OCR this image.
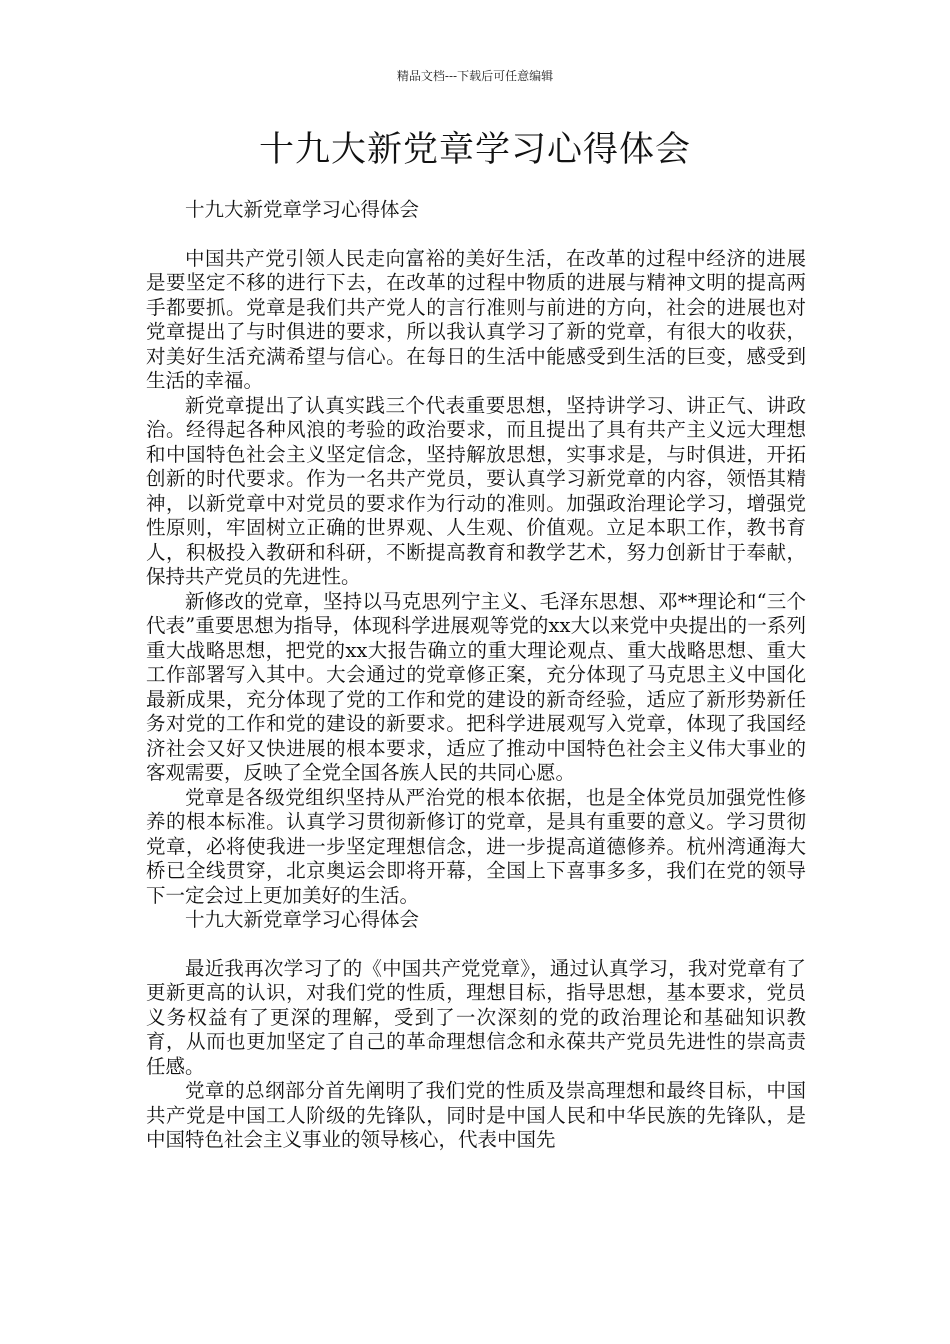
精品文档---下载后可任意编辑
十九大新党章学习心得体会

十九大新党章学习心得体会

中国共产党引领人民走向富裕的美好生活，在改革的过程中经济的进展是要坚定不移的进行下去，在改革的过程中物质的进展与精神文明的提高两手都要抓。党章是我们共产党人的言行准则与前进的方向，社会的进展也对党章提出了与时俱进的要求，所以我认真学习了新的党章，有很大的收获，对美好生活充满希望与信心。在每日的生活中能感受到生活的巨变，感受到生活的幸福。

新党章提出了认真实践三个代表重要思想，坚持讲学习、讲正气、讲政治。经得起各种风浪的考验的政治要求，而且提出了具有共产主义远大理想和中国特色社会主义坚定信念，坚持解放思想，实事求是，与时俱进，开拓创新的时代要求。作为一名共产党员，要认真学习新党章的内容，领悟其精神，以新党章中对党员的要求作为行动的准则。加强政治理论学习，增强党性原则，牢固树立正确的世界观、人生观、价值观。立足本职工作，教书育人，积极投入教研和科研，不断提高教育和教学艺术，努力创新甘于奉献，保持共产党员的先进性。

新修改的党章，坚持以马克思列宁主义、毛泽东思想、邓**理论和“三个代表”重要思想为指导，体现科学进展观等党的xx大以来党中央提出的一系列重大战略思想，把党的xx大报告确立的重大理论观点、重大战略思想、重大工作部署写入其中。大会通过的党章修正案，充分体现了马克思主义中国化最新成果，充分体现了党的工作和党的建设的新奇经验，适应了新形势新任务对党的工作和党的建设的新要求。把科学进展观写入党章，体现了我国经济社会又好又快进展的根本要求，适应了推动中国特色社会主义伟大事业的客观需要，反映了全党全国各族人民的共同心愿。

党章是各级党组织坚持从严治党的根本依据，也是全体党员加强党性修养的根本标准。认真学习贯彻新修订的党章，是具有重要的意义。学习贯彻党章，必将使我进一步坚定理想信念，进一步提高道德修养。杭州湾通海大桥已全线贯穿，北京奥运会即将开幕，全国上下喜事多多，我们在党的领导下一定会过上更加美好的生活。

十九大新党章学习心得体会

最近我再次学习了的《中国共产党党章》，通过认真学习，我对党章有了更新更高的认识，对我们党的性质，理想目标，指导思想，基本要求，党员义务权益有了更深的理解，受到了一次深刻的党的政治理论和基础知识教育，从而也更加坚定了自己的革命理想信念和永葆共产党员先进性的崇高责任感。

党章的总纲部分首先阐明了我们党的性质及崇高理想和最终目标，中国共产党是中国工人阶级的先锋队，同时是中国人民和中华民族的先锋队，是中国特色社会主义事业的领导核心，代表中国先
